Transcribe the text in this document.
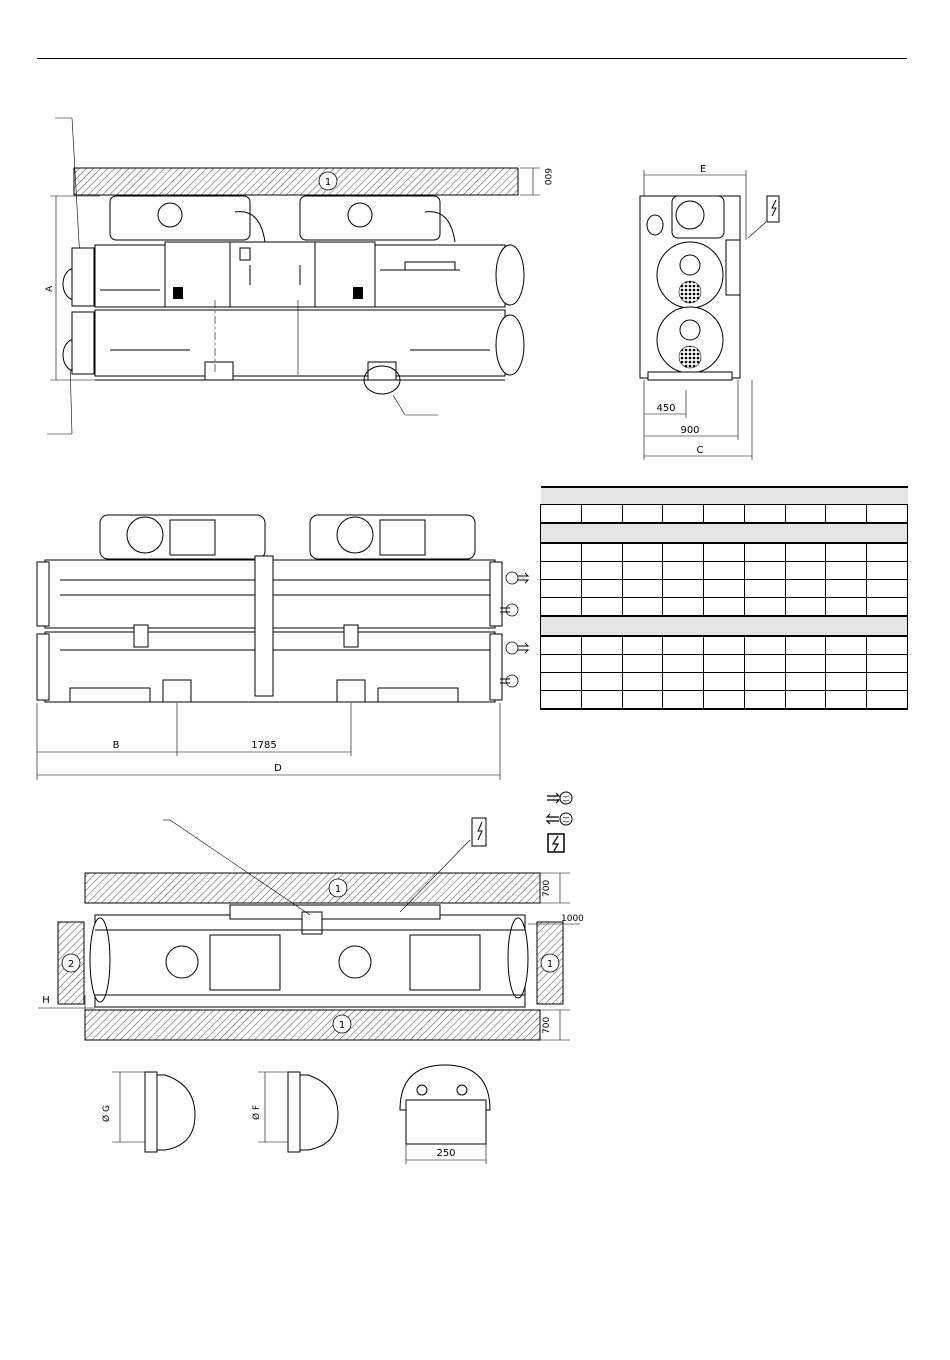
1	600
A
E
450
900
C
B	1785
D
1
1
2	1
700
700
1000
H
Ø G	Ø F
250
